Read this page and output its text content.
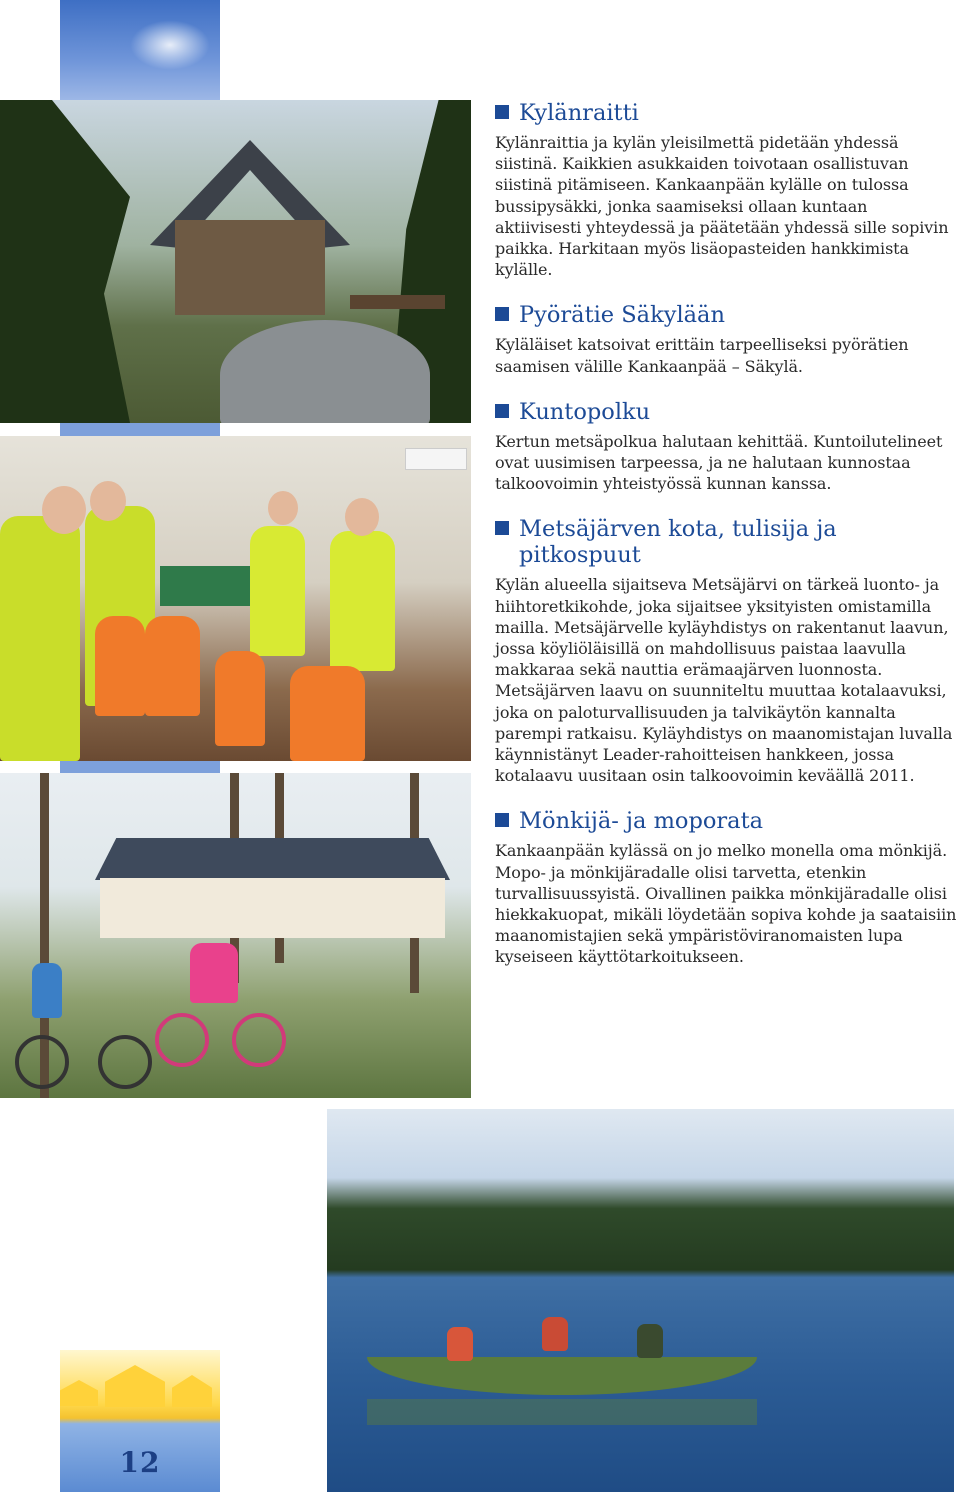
12
Kylänraitti

Kylänraittia ja kylän yleisilmettä pidetään yhdessä siistinä. Kaikkien asukkaiden toivotaan osallistuvan siistinä pitämiseen. Kankaanpään kylälle on tulossa bussipysäkki, jonka saamiseksi ollaan kuntaan aktiivisesti yhteydessä ja päätetään yhdessä sille sopivin paikka. Harkitaan myös lisäopasteiden hankkimista kylälle.

Pyörätie Säkylään

Kyläläiset katsoivat erittäin tarpeelliseksi pyörätien saamisen välille Kankaanpää – Säkylä.

Kuntopolku

Kertun metsäpolkua halutaan kehittää. Kuntoilutelineet ovat uusimisen tarpeessa, ja ne halutaan kunnostaa talkoovoimin yhteistyössä kunnan kanssa.

Metsäjärven kota, tulisija ja pitkospuut

Kylän alueella sijaitseva Metsäjärvi on tärkeä luonto- ja hiihtoretkikohde, joka sijaitsee yksityisten omistamilla mailla. Metsäjärvelle kyläyhdistys on rakentanut laavun, jossa köyliöläisillä on mahdollisuus paistaa laavulla makkaraa sekä nauttia erämaajärven luonnosta. Metsäjärven laavu on suunniteltu muuttaa kotalaavuksi, joka on paloturvallisuuden ja talvikäytön kannalta parempi ratkaisu. Kyläyhdistys on maanomistajan luvalla käynnistänyt Leader-rahoitteisen hankkeen, jossa kotalaavu uusitaan osin talkoovoimin keväällä 2011.

Mönkijä- ja moporata

Kankaanpään kylässä on jo melko monella oma mönkijä. Mopo- ja mönkijäradalle olisi tarvetta, etenkin turvallisuussyistä. Oivallinen paikka mönkijäradalle olisi hiekkakuopat, mikäli löydetään sopiva kohde ja saataisiin maanomistajien sekä ympäristöviranomaisten lupa kyseiseen käyttötarkoitukseen.
